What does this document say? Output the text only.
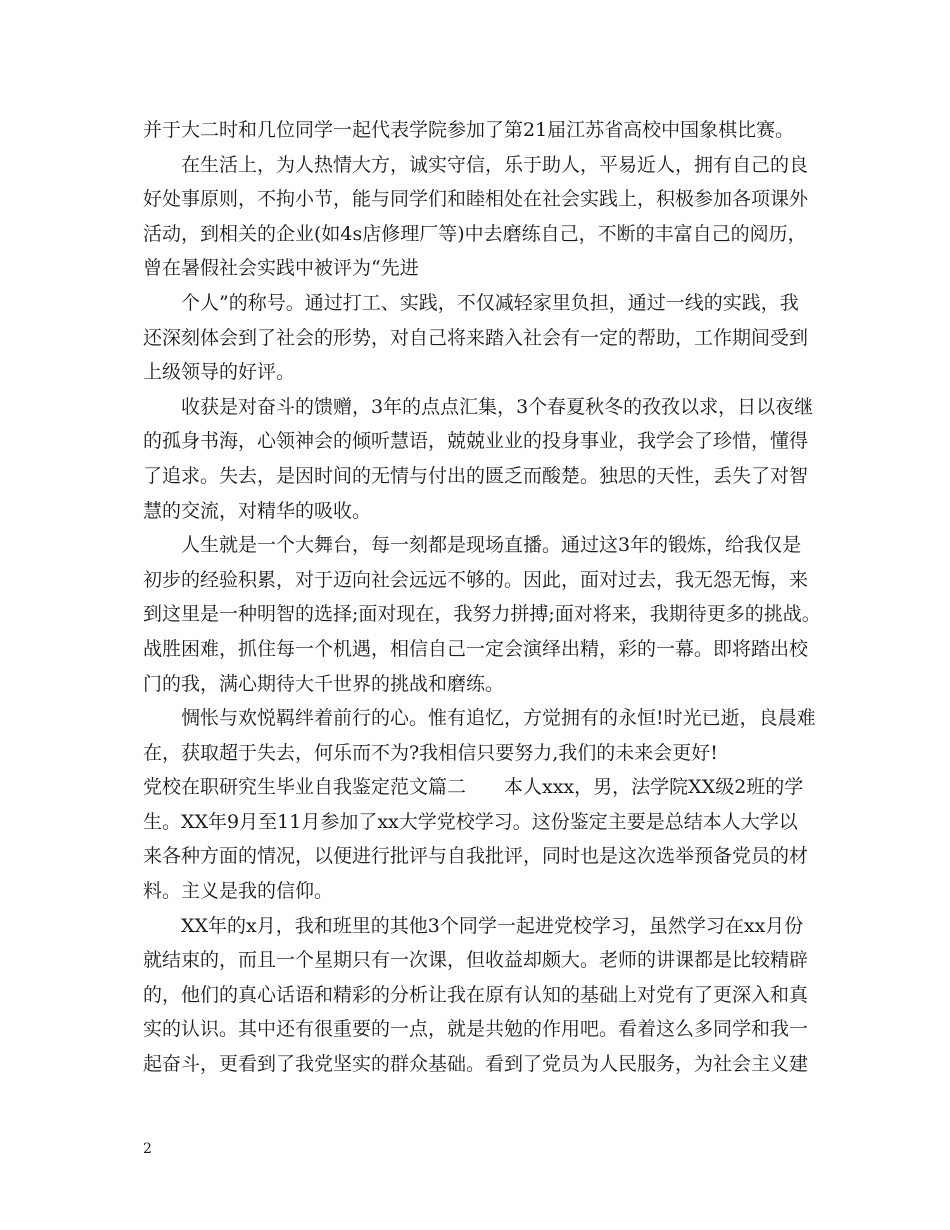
并于大二时和几位同学一起代表学院参加了第21届江苏省高校中国象棋比赛。
在生活上，为人热情大方，诚实守信，乐于助人，平易近人，拥有自己的良
好处事原则，不拘小节，能与同学们和睦相处在社会实践上，积极参加各项课外
活动，到相关的企业(如4s店修理厂等)中去磨练自己，不断的丰富自己的阅历，
曾在暑假社会实践中被评为“先进
个人”的称号。通过打工、实践，不仅减轻家里负担，通过一线的实践，我
还深刻体会到了社会的形势，对自己将来踏入社会有一定的帮助，工作期间受到
上级领导的好评。
收获是对奋斗的馈赠，3年的点点汇集，3个春夏秋冬的孜孜以求，日以夜继
的孤身书海，心领神会的倾听慧语，兢兢业业的投身事业，我学会了珍惜，懂得
了追求。失去，是因时间的无情与付出的匮乏而酸楚。独思的天性，丢失了对智
慧的交流，对精华的吸收。
人生就是一个大舞台，每一刻都是现场直播。通过这3年的锻炼，给我仅是
初步的经验积累，对于迈向社会远远不够的。因此，面对过去，我无怨无悔，来
到这里是一种明智的选择;面对现在，我努力拼搏;面对将来，我期待更多的挑战。
战胜困难，抓住每一个机遇，相信自己一定会演绎出精，彩的一幕。即将踏出校
门的我，满心期待大千世界的挑战和磨练。
惆怅与欢悦羁绊着前行的心。惟有追忆，方觉拥有的永恒!时光已逝，良晨难
在，获取超于失去，何乐而不为?我相信只要努力,我们的未来会更好!
党校在职研究生毕业自我鉴定范文篇二　　本人xxx，男，法学院XX级2班的学
生。XX年9月至11月参加了xx大学党校学习。这份鉴定主要是总结本人大学以
来各种方面的情况，以便进行批评与自我批评，同时也是这次选举预备党员的材
料。主义是我的信仰。
XX年的x月，我和班里的其他3个同学一起进党校学习，虽然学习在xx月份
就结束的，而且一个星期只有一次课，但收益却颇大。老师的讲课都是比较精辟
的，他们的真心话语和精彩的分析让我在原有认知的基础上对党有了更深入和真
实的认识。其中还有很重要的一点，就是共勉的作用吧。看着这么多同学和我一
起奋斗，更看到了我党坚实的群众基础。看到了党员为人民服务，为社会主义建
2
